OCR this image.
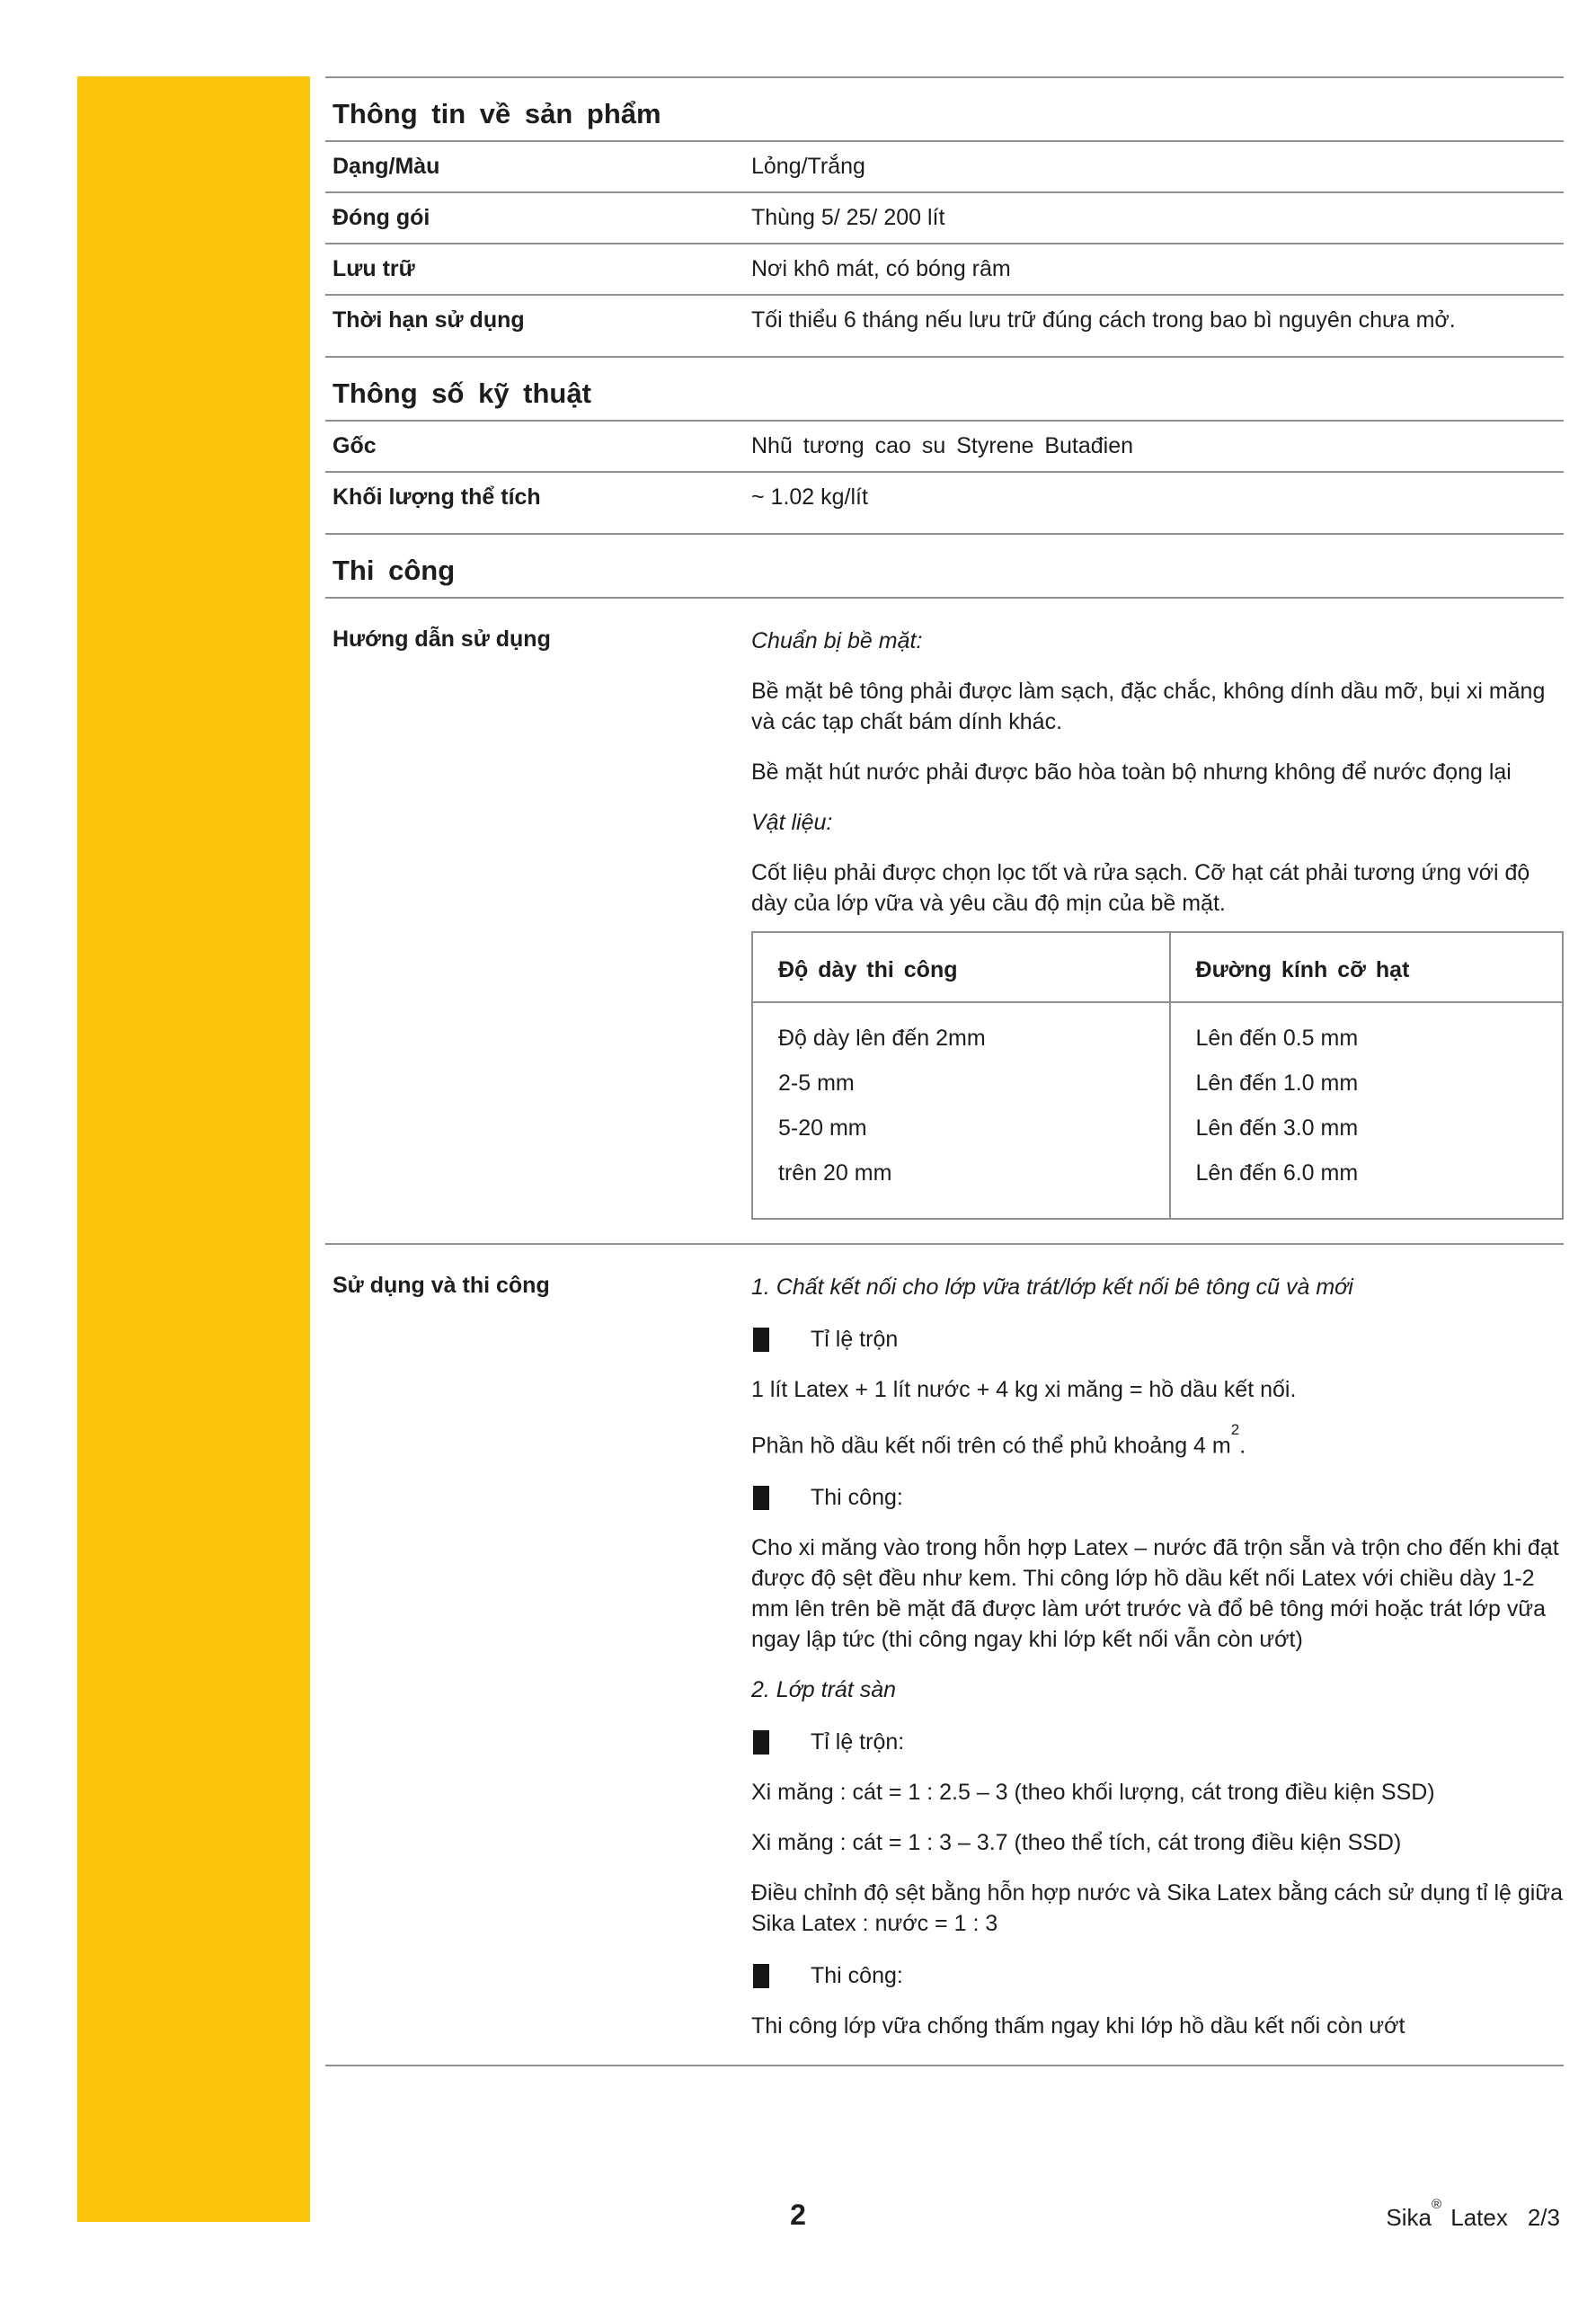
Thông tin về sản phẩm
Dạng/Màu	Lỏng/Trắng
Đóng gói	Thùng 5/ 25/ 200 lít
Lưu trữ	Nơi khô mát, có bóng râm
Thời hạn sử dụng	Tối thiểu 6 tháng nếu lưu trữ đúng cách trong bao bì nguyên chưa mở.
Thông số kỹ thuật
Gốc	Nhũ tương cao su Styrene Butađien
Khối lượng thể tích	~ 1.02 kg/lít
Thi công
Hướng dẫn sử dụng	Chuẩn bị bề mặt:

Bề mặt bê tông phải được làm sạch, đặc chắc, không dính dầu mỡ, bụi xi măng và các tạp chất bám dính khác.

Bề mặt hút nước phải được bão hòa toàn bộ nhưng không để nước đọng lại

Vật liệu:

Cốt liệu phải được chọn lọc tốt và rửa sạch. Cỡ hạt cát phải tương ứng với độ dày của lớp vữa và yêu cầu độ mịn của bề mặt.

Độ dày thi công	Đường kính cỡ hạt
Độ dày lên đến 2mm	Lên đến 0.5 mm
2-5 mm	Lên đến 1.0 mm
5-20 mm	Lên đến 3.0 mm
trên 20 mm	Lên đến 6.0 mm
Sử dụng và thi công	1. Chất kết nối cho lớp vữa trát/lớp kết nối bê tông cũ và mới
Tỉ lệ trộn

1 lít Latex + 1 lít nước + 4 kg xi măng = hồ dầu kết nối.

Phần hồ dầu kết nối trên có thể phủ khoảng 4 $m^2$.

Thi công:

Cho xi măng vào trong hỗn hợp Latex – nước đã trộn sẵn và trộn cho đến khi đạt được độ sệt đều như kem. Thi công lớp hồ dầu kết nối Latex với chiều dày 1-2 mm lên trên bề mặt đã được làm ướt trước và đổ bê tông mới hoặc trát lớp vữa ngay lập tức (thi công ngay khi lớp kết nối vẫn còn ướt)

2. Lớp trát sàn
Tỉ lệ trộn:

Xi măng : cát = 1 : 2.5 – 3 (theo khối lượng, cát trong điều kiện SSD)

Xi măng : cát = 1 : 3 – 3.7 (theo thể tích, cát trong điều kiện SSD)

Điều chỉnh độ sệt bằng hỗn hợp nước và Sika Latex bằng cách sử dụng tỉ lệ giữa Sika Latex : nước = 1 : 3

Thi công:

Thi công lớp vữa chống thấm ngay khi lớp hồ dầu kết nối còn ướt

2	Sika® Latex 2/3
